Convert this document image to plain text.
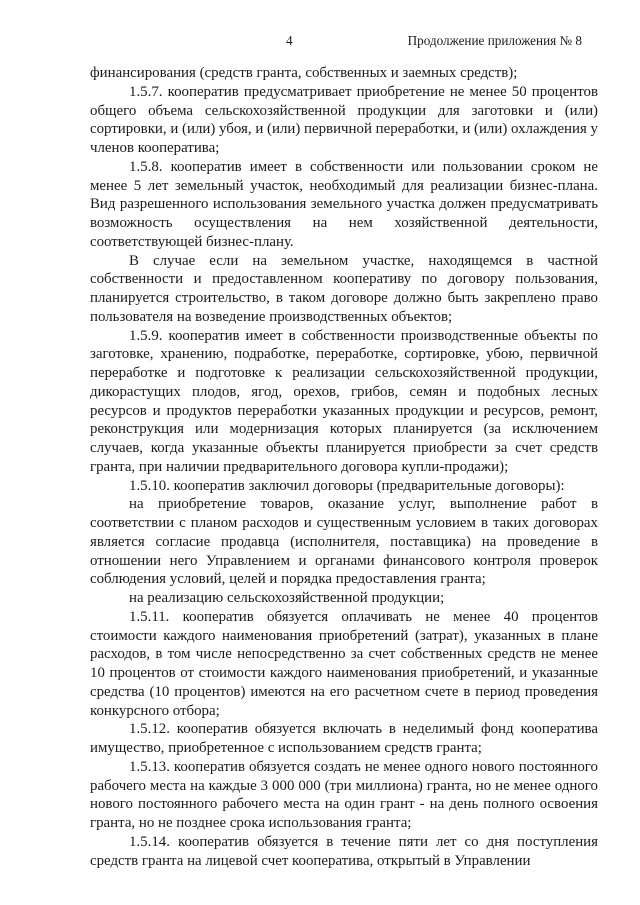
4	Продолжение приложения № 8

финансирования (средств гранта, собственных и заемных средств);

1.5.7. кооператив предусматривает приобретение не менее 50 процентов общего объема сельскохозяйственной продукции для заготовки и (или) сортировки, и (или) убоя, и (или) первичной переработки, и (или) охлаждения у членов кооператива;

1.5.8. кооператив имеет в собственности или пользовании сроком не менее 5 лет земельный участок, необходимый для реализации бизнес-плана. Вид разрешенного использования земельного участка должен предусматривать возможность осуществления на нем хозяйственной деятельности, соответствующей бизнес-плану.

В случае если на земельном участке, находящемся в частной собственности и предоставленном кооперативу по договору пользования, планируется строительство, в таком договоре должно быть закреплено право пользователя на возведение производственных объектов;

1.5.9. кооператив имеет в собственности производственные объекты по заготовке, хранению, подработке, переработке, сортировке, убою, первичной переработке и подготовке к реализации сельскохозяйственной продукции, дикорастущих плодов, ягод, орехов, грибов, семян и подобных лесных ресурсов и продуктов переработки указанных продукции и ресурсов, ремонт, реконструкция или модернизация которых планируется (за исключением случаев, когда указанные объекты планируется приобрести за счет средств гранта, при наличии предварительного договора купли-продажи);

1.5.10. кооператив заключил договоры (предварительные договоры):

на приобретение товаров, оказание услуг, выполнение работ в соответствии с планом расходов и существенным условием в таких договорах является согласие продавца (исполнителя, поставщика) на проведение в отношении него Управлением и органами финансового контроля проверок соблюдения условий, целей и порядка предоставления гранта;

на реализацию сельскохозяйственной продукции;

1.5.11. кооператив обязуется оплачивать не менее 40 процентов стоимости каждого наименования приобретений (затрат), указанных в плане расходов, в том числе непосредственно за счет собственных средств не менее 10 процентов от стоимости каждого наименования приобретений, и указанные средства (10 процентов) имеются на его расчетном счете в период проведения конкурсного отбора;

1.5.12. кооператив обязуется включать в неделимый фонд кооператива имущество, приобретенное с использованием средств гранта;

1.5.13. кооператив обязуется создать не менее одного нового постоянного рабочего места на каждые 3 000 000 (три миллиона) гранта, но не менее одного нового постоянного рабочего места на один грант - на день полного освоения гранта, но не позднее срока использования гранта;

1.5.14. кооператив обязуется в течение пяти лет со дня поступления средств гранта на лицевой счет кооператива, открытый в Управлении
